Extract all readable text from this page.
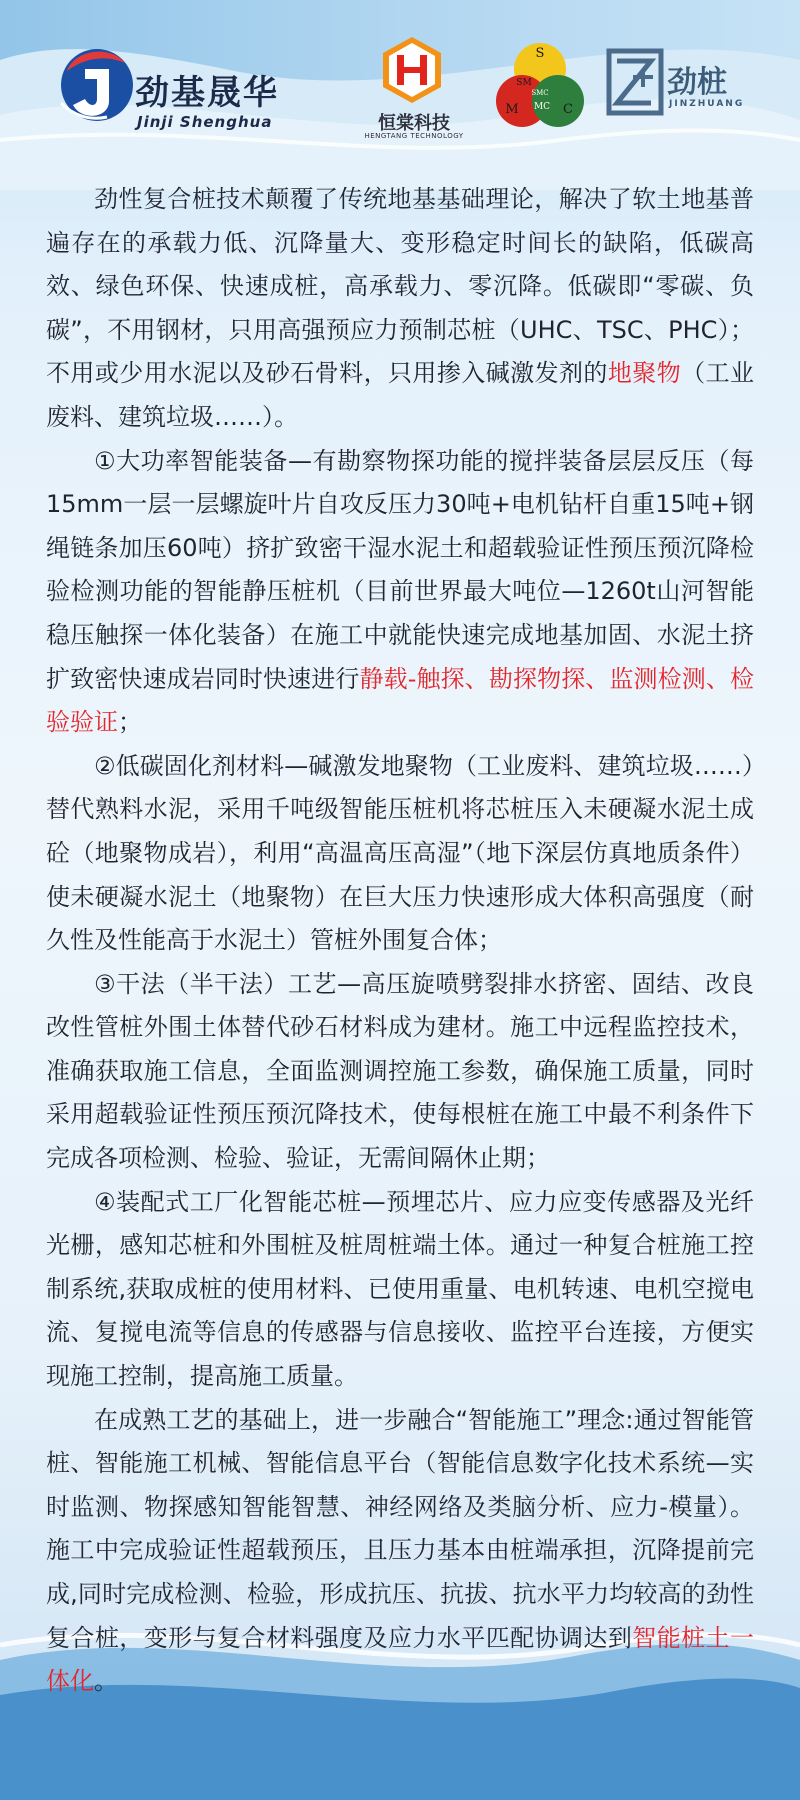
劲基晟华
Jinji Shenghua	恒棠科技
HENGTANG TECHNOLOGY
S
SM
SMC
MC
M	C
劲桩
JINZHUANG

劲性复合桩技术颠覆了传统地基基础理论，解决了软土地基普遍存在的承载力低、沉降量大、变形稳定时间长的缺陷，低碳高效、绿色环保、快速成桩，高承载力、零沉降。低碳即“零碳、负碳”，不用钢材，只用高强预应力预制芯桩（UHC、TSC、PHC）；不用或少用水泥以及砂石骨料，只用掺入碱激发剂的地聚物（工业废料、建筑垃圾……）。

①大功率智能装备—有勘察物探功能的搅拌装备层层反压（每15mm一层一层螺旋叶片自攻反压力30吨+电机钻杆自重15吨+钢绳链条加压60吨）挤扩致密干湿水泥土和超载验证性预压预沉降检验检测功能的智能静压桩机（目前世界最大吨位—1260t山河智能稳压触探一体化装备）在施工中就能快速完成地基加固、水泥土挤扩致密快速成岩同时快速进行静载-触探、勘探物探、监测检测、检验验证；

②低碳固化剂材料—碱激发地聚物（工业废料、建筑垃圾……）替代熟料水泥，采用千吨级智能压桩机将芯桩压入未硬凝水泥土成砼（地聚物成岩），利用“高温高压高湿”（地下深层仿真地质条件）使未硬凝水泥土（地聚物）在巨大压力快速形成大体积高强度（耐久性及性能高于水泥土）管桩外围复合体；

③干法（半干法）工艺—高压旋喷劈裂排水挤密、固结、改良改性管桩外围土体替代砂石材料成为建材。施工中远程监控技术，准确获取施工信息，全面监测调控施工参数，确保施工质量，同时采用超载验证性预压预沉降技术，使每根桩在施工中最不利条件下完成各项检测、检验、验证，无需间隔休止期；

④装配式工厂化智能芯桩—预埋芯片、应力应变传感器及光纤光栅，感知芯桩和外围桩及桩周桩端土体。通过一种复合桩施工控制系统,获取成桩的使用材料、已使用重量、电机转速、电机空搅电流、复搅电流等信息的传感器与信息接收、监控平台连接，方便实现施工控制，提高施工质量。

在成熟工艺的基础上，进一步融合“智能施工”理念:通过智能管桩、智能施工机械、智能信息平台（智能信息数字化技术系统—实时监测、物探感知智能智慧、神经网络及类脑分析、应力-模量）。施工中完成验证性超载预压，且压力基本由桩端承担，沉降提前完成,同时完成检测、检验，形成抗压、抗拔、抗水平力均较高的劲性复合桩，变形与复合材料强度及应力水平匹配协调达到智能桩土一体化。
